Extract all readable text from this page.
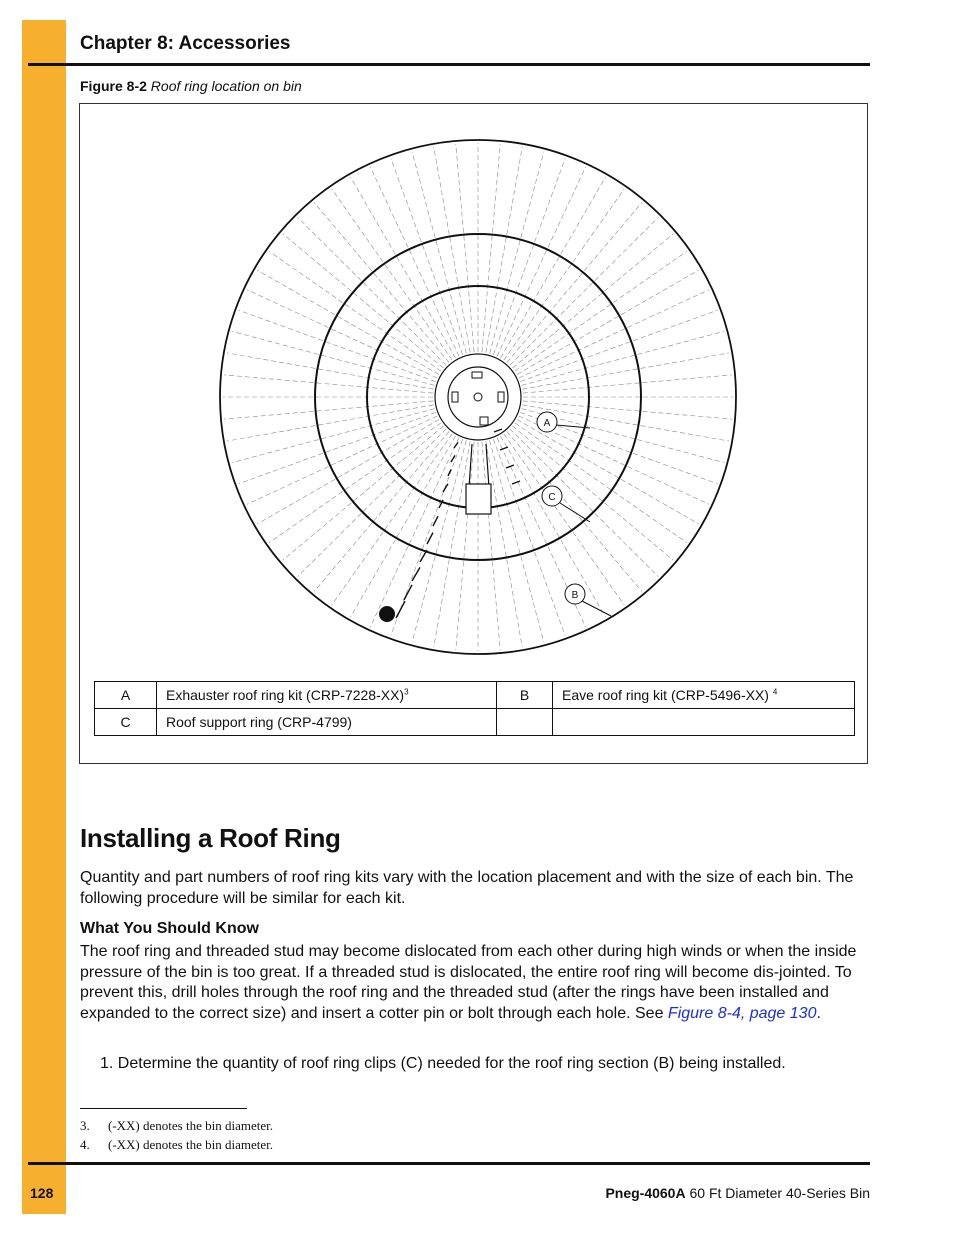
Chapter 8: Accessories
Figure 8-2 Roof ring location on bin
A
C
B
A	Exhauster roof ring kit $(CRP-7228-XX)^3$	B	Eave roof ring kit (CRP-5496-XX) $^4$
C	Roof support ring (CRP-4799)		
Installing a Roof Ring

Quantity and part numbers of roof ring kits vary with the location placement and with the size of each bin. The following procedure will be similar for each kit.

What You Should Know

The roof ring and threaded stud may become dislocated from each other during high winds or when the inside pressure of the bin is too great. If a threaded stud is dislocated, the entire roof ring will become dis-jointed. To prevent this, drill holes through the roof ring and the threaded stud (after the rings have been installed and expanded to the correct size) and insert a cotter pin or bolt through each hole. See Figure 8-4, page 130.

1. Determine the quantity of roof ring clips (C) needed for the roof ring section (B) being installed.

3. (-XX) denotes the bin diameter.
4. (-XX) denotes the bin diameter.
128	Pneg-4060A 60 Ft Diameter 40-Series Bin
